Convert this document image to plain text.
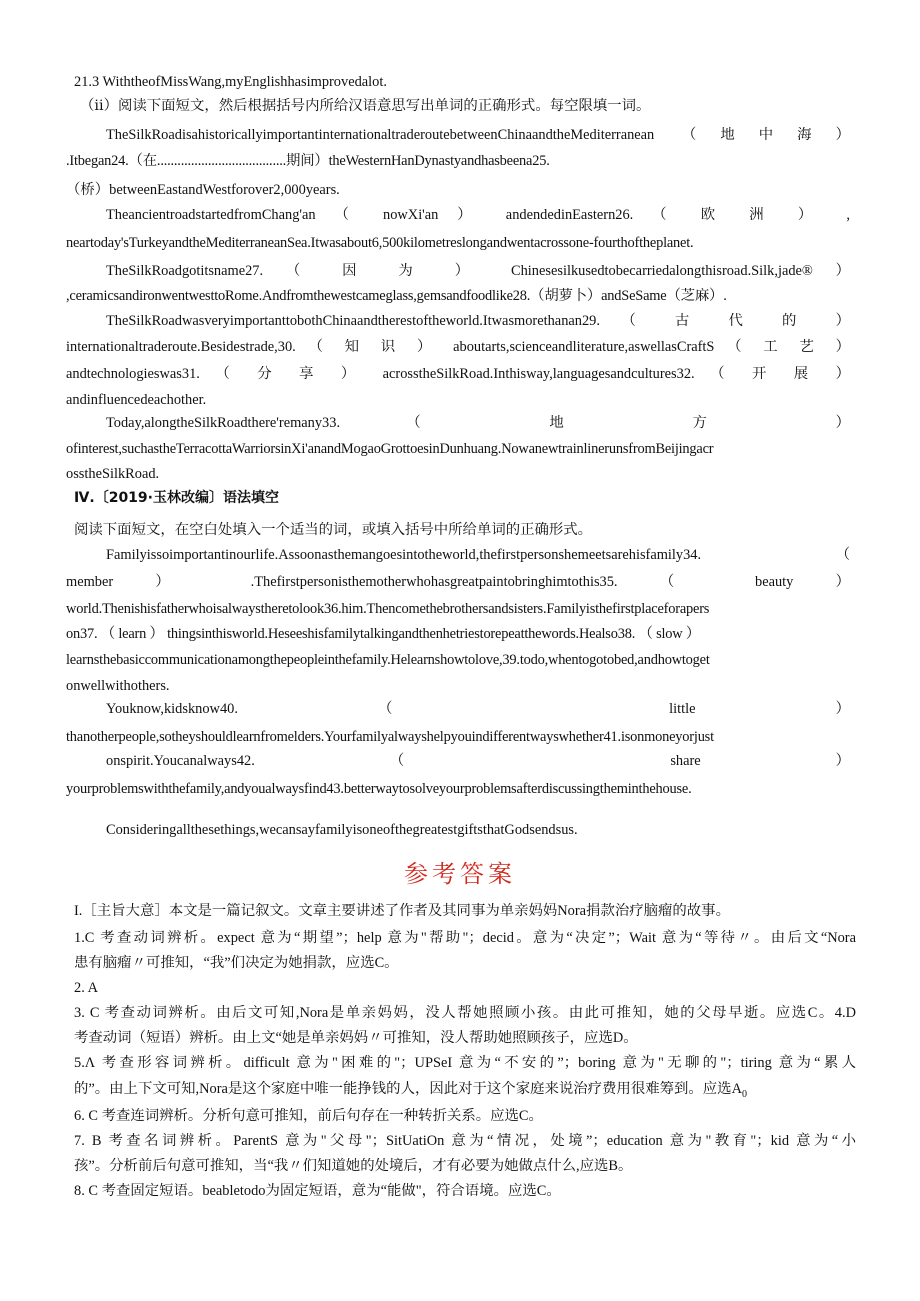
21.3 WiththeofMissWang,myEnglishhasimprovedalot.
（ⅱ）阅读下面短文，然后根据括号内所给汉语意思写出单词的正确形式。每空限填一词。
TheSilkRoadisahistoricallyimportantinternationaltraderoutebetweenChinaandtheMediterranean （地中海）
.Itbegan24.（在......................................期间）theWesternHanDynastyandhasbeena25.
（桥）betweenEastandWestforover2,000years.
TheancientroadstartedfromChang'an （ nowXi'an ） andendedinEastern26. （ 欧 洲 ） ,
neartoday'sTurkeyandtheMediterraneanSea.Itwasabout6,500kilometreslongandwentacrossone-fourthoftheplanet.
TheSilkRoadgotitsname27. （ 因 为 ） Chinesesilkusedtobecarriedalongthisroad.Silk,jade® ）
,ceramicsandironwentwesttoRome.Andfromthewestcameglass,gemsandfoodlike28.（胡萝卜）andSeSame（芝麻）.
TheSilkRoadwasveryimportanttobothChinaandtherestoftheworld.Itwasmorethanan29. （ 古 代 的 ）
internationaltraderoute.Besidestrade,30. （ 知 识 ） aboutarts,scienceandliterature,aswellasCraftS （ 工 艺 ）
andtechnologieswas31. （ 分 享 ） acrosstheSilkRoad.Inthisway,languagesandcultures32. （ 开 展 ）
andinfluencedeachother.
Today,alongtheSilkRoadthere'remany33. （ 地 方 ）
ofinterest,suchastheTerracottaWarriorsinXi'anandMogaoGrottoesinDunhuang.NowanewtrainlinerunsfromBeijingacr
osstheSilkRoad.
Ⅳ.〔2019·玉林改编〕语法填空
阅读下面短文，在空白处填入一个适当的词，或填入括号中所给单词的正确形式。
Familyissoimportantinourlife.Assoonasthemangoesintotheworld,thefirstpersonshemeetsarehisfamily34. （
member ） .Thefirstpersonisthemotherwhohasgreatpaintobringhimtothis35. （ beauty ）
world.Thenishisfatherwhoisalwaystheretolook36.him.Thencomethebrothersandsisters.Familyisthefirstplaceforapers
on37. （ learn ） thingsinthisworld.Heseeshisfamilytalkingandthenhetriestorepeatthewords.Healso38. （ slow ）
learnsthebasiccommunicationamongthepeopleinthefamily.Helearnshowtolove,39.todo,whentogotobed,andhowtoget
onwellwithothers.
Youknow,kidsknow40. （ little ）
thanotherpeople,sotheyshouldlearnfromelders.Yourfamilyalwayshelpyouindifferentwayswhether41.isonmoneyorjust
onspirit.Youcanalways42. （ share ）
yourproblemswiththefamily,andyoualwaysfind43.betterwaytosolveyourproblemsafterdiscussingtheminthehouse.
Consideringallthesethings,wecansayfamilyisoneofthegreatestgiftsthatGodsendsus.
参考答案
I.［主旨大意］本文是一篇记叙文。文章主要讲述了作者及其同事为单亲妈妈Nora捐款治疗脑瘤的故事。
1.C 考查动词辨析。expect 意为“期望”；help 意为"帮助"；decid。意为“决定”；Wait 意为“等待〃。由后文“Nora
患有脑瘤〃可推知，“我”们决定为她捐款，应选C。
2. A
3. C 考查动词辨析。由后文可知,Nora是单亲妈妈，没人帮她照顾小孩。由此可推知，她的父母早逝。应选C。4.D
考查动词（短语）辨析。由上文“她是单亲妈妈〃可推知，没人帮助她照顾孩子，应选D。
5.Λ 考查形容词辨析。difficult 意为"困难的"；UPSeI 意为“不安的”；boring 意为"无聊的"；tiring 意为“累人
的”。由上下文可知,Nora是这个家庭中唯一能挣钱的人，因此对于这个家庭来说治疗费用很难筹到。应选$A_0$
6. C 考查连词辨析。分析句意可推知，前后句存在一种转折关系。应选C。
7. B 考查名词辨析。ParentS 意为"父母"；SitUatiOn 意为“情况，处境”；education 意为"教育"；kid 意为“小
孩”。分析前后句意可推知，当“我〃们知道她的处境后，才有必要为她做点什么,应选B。
8. C 考查固定短语。beabletodo为固定短语，意为“能做"，符合语境。应选C。
